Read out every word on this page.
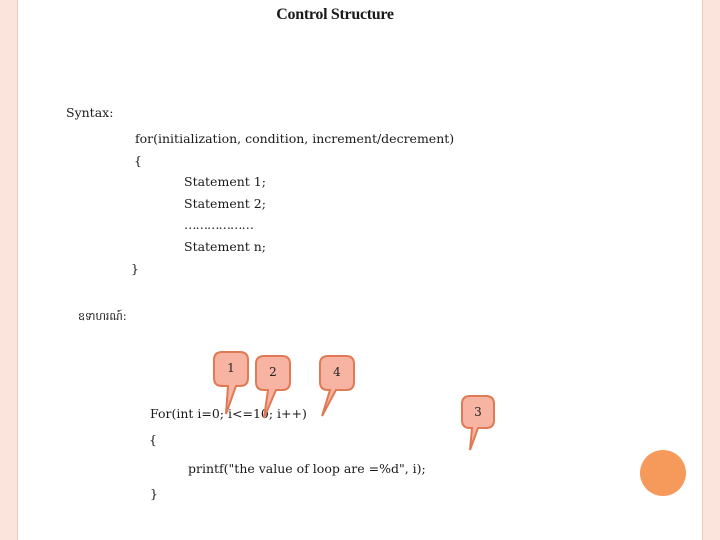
Control Structure
Syntax:
for(initialization, condition, increment/decrement)
{
Statement 1;
Statement 2;
………………
Statement n;
}
ឧទាហរណ៍:
For(int i=0; i<=10; i++)
{
printf("the value of loop are =%d", i);
}
1	2	4
3
